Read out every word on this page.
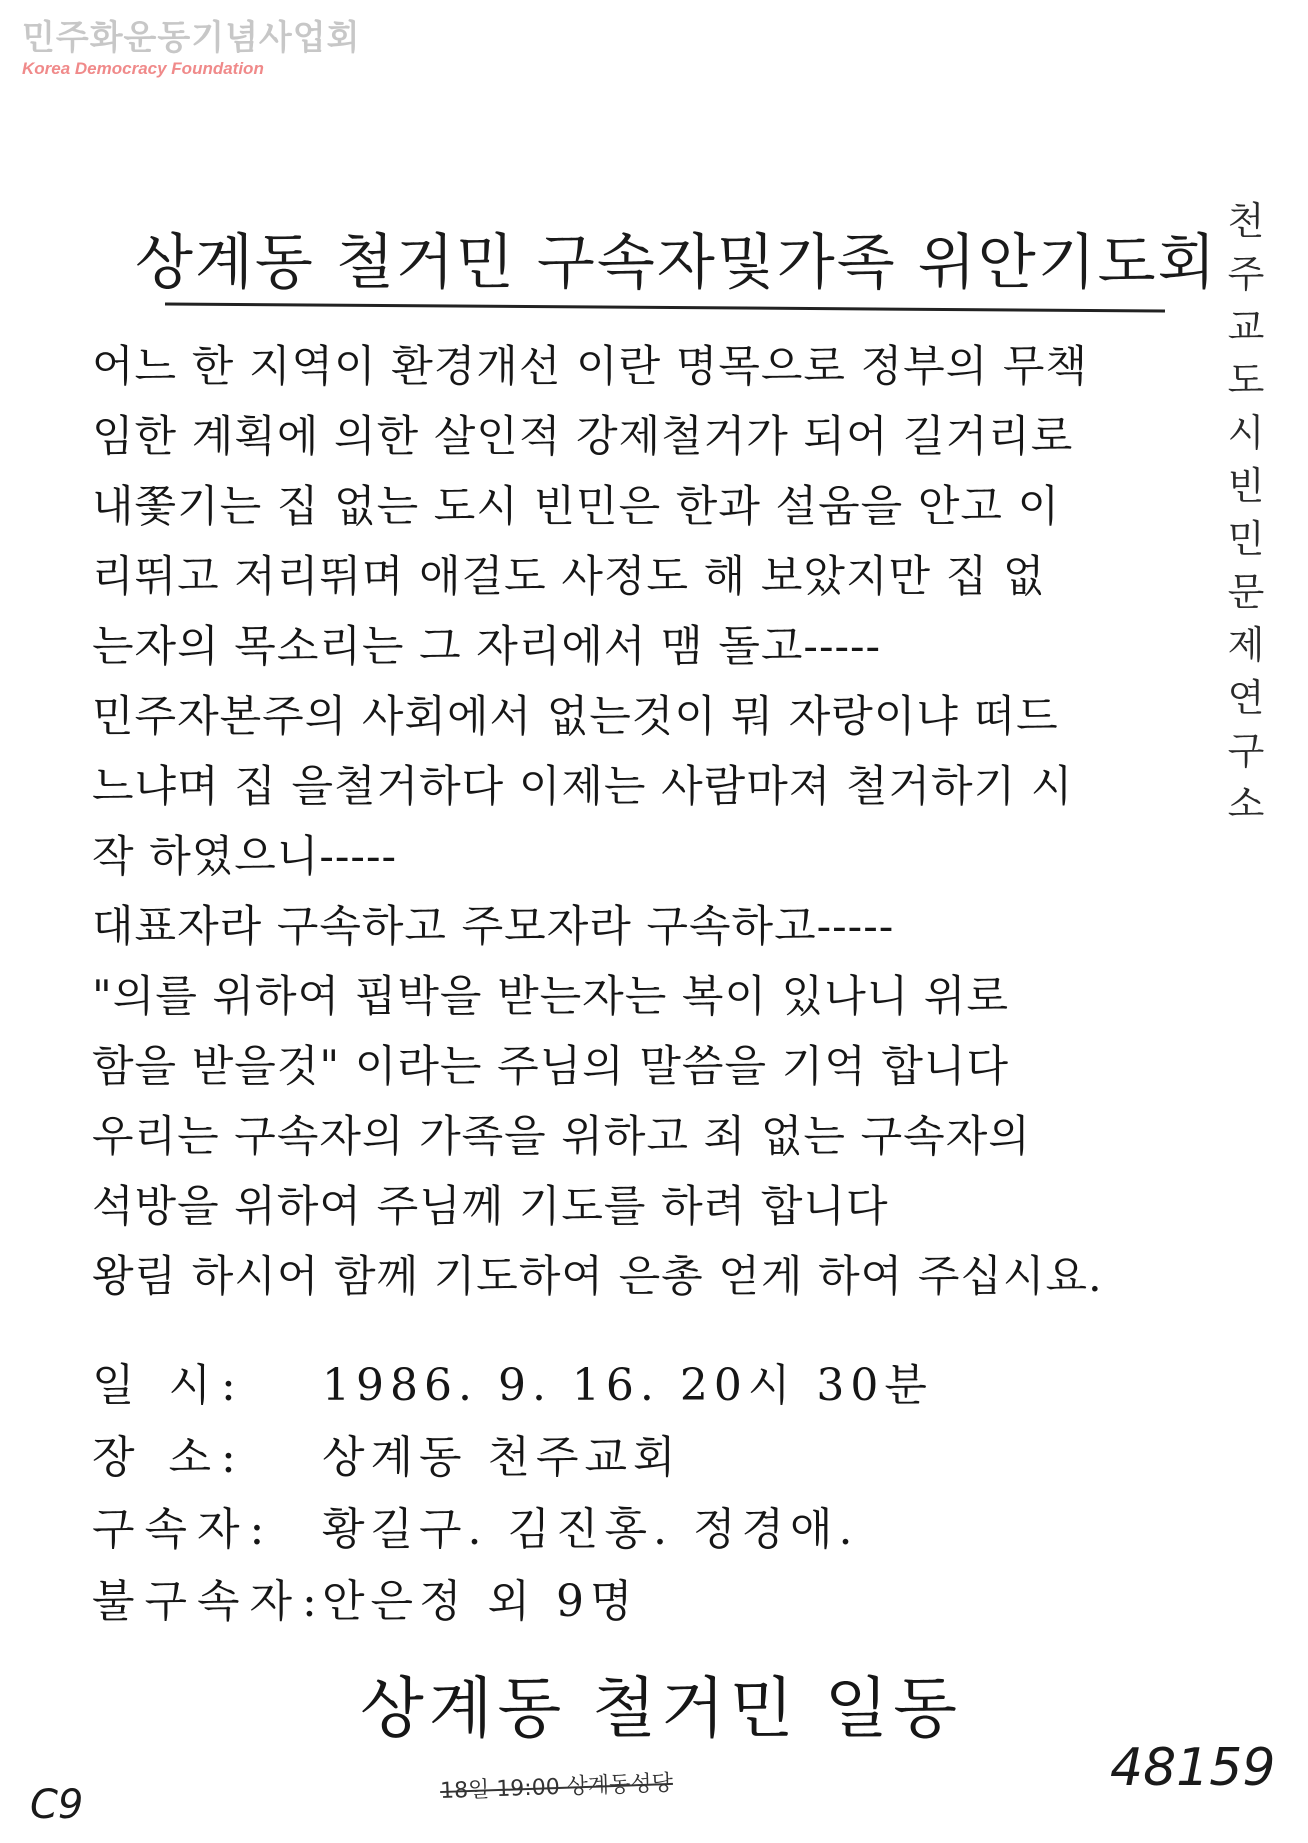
민주화운동기념사업회
Korea Democracy Foundation
상계동 철거민 구속자및가족 위안기도회
천주교도시빈민문제연구소
어느 한 지역이 환경개선 이란 명목으로 정부의 무책
임한 계획에 의한 살인적 강제철거가 되어 길거리로
내쫓기는 집 없는 도시 빈민은 한과 설움을 안고 이
리뛰고 저리뛰며 애걸도 사정도 해 보았지만 집 없
는자의 목소리는 그 자리에서 맴 돌고-----
민주자본주의 사회에서 없는것이 뭐 자랑이냐 떠드
느냐며 집 을철거하다 이제는 사람마져 철거하기 시
작 하였으니-----
대표자라 구속하고 주모자라 구속하고-----
"의를 위하여 핍박을 받는자는 복이 있나니 위로
함을 받을것" 이라는 주님의 말씀을 기억 합니다
우리는 구속자의 가족을 위하고 죄 없는 구속자의
석방을 위하여 주님께 기도를 하려 합니다
왕림 하시어 함께 기도하여 은총 얻게 하여 주십시요.
일 시:	1986. 9. 16. 20시 30분
장 소:	상계동 천주교회
구속자:	황길구. 김진홍. 정경애.
불구속자:
안은정 외 9명
상계동 철거민 일동
18일 19:00 상계동성당	48159
C9
